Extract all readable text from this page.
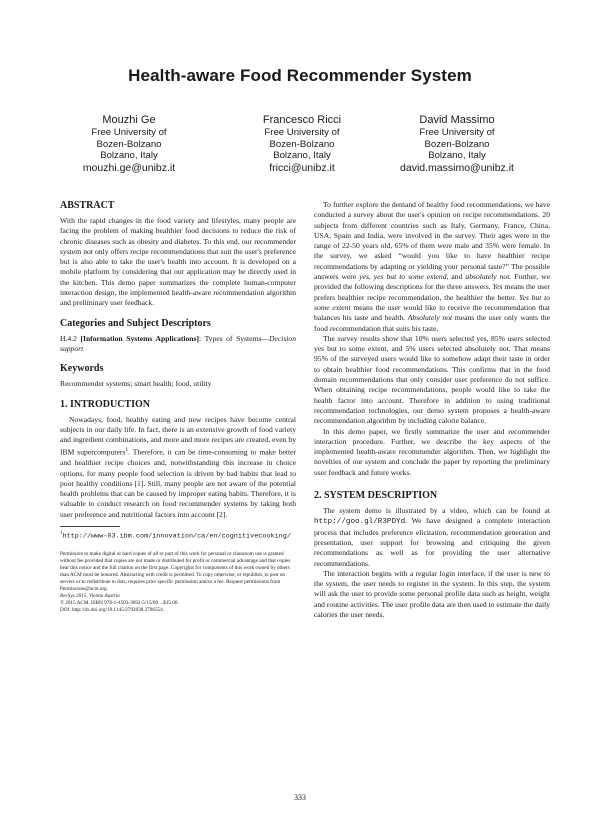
Health-aware Food Recommender System
Mouzhi Ge
Free University of
Bozen-Bolzano
Bolzano, Italy
mouzhi.ge@unibz.it
Francesco Ricci
Free University of
Bozen-Bolzano
Bolzano, Italy
fricci@unibz.it
David Massimo
Free University of
Bozen-Bolzano
Bolzano, Italy
david.massimo@unibz.it
ABSTRACT

With the rapid changes in the food variety and lifestyles, many people are facing the problem of making healthier food decisions to reduce the risk of chronic diseases such as obesity and diabetes. To this end, our recommender system not only offers recipe recommendations that suit the user's preference but is also able to take the user's health into account. It is developed on a mobile platform by considering that our application may be directly used in the kitchen. This demo paper summarizes the complete human-computer interaction design, the implemented health-aware recommendation algorithm and preliminary user feedback.

Categories and Subject Descriptors

H.4.2 [Information Systems Applications]: Types of Systems—Decision support

Keywords

Recommender systems; smart health; food, utility

1. INTRODUCTION

Nowadays, food, healthy eating and new recipes have become central subjects in our daily life. In fact, there is an extensive growth of food variety and ingredient combinations, and more and more recipes are created, even by IBM supercomputers$^1$. Therefore, it can be time-consuming to make better and healthier recipe choices and, notwithstanding this increase in choice options, for many people food selection is driven by bad habits that lead to poor healthy conditions [1]. Still, many people are not aware of the potential health problems that can be caused by improper eating habits. Therefore, it is valuable to conduct research on food recommender systems by taking both user preference and nutritional factors into account [2].

$^1$http://www-03.ibm.com/innovation/ca/en/cognitivecooking/
Permission to make digital or hard copies of all or part of this work for personal or classroom use is granted without fee provided that copies are not made or distributed for profit or commercial advantage and that copies bear this notice and the full citation on the first page. Copyrights for components of this work owned by others than ACM must be honored. Abstracting with credit is permitted. To copy otherwise, or republish, to post on servers or to redistribute to lists, requires prior specific permission and/or a fee. Request permissions from Permissions@acm.org.
RecSys 2015, Vienna Austria
© 2015 ACM. ISBN 978-1-4503-3692-5/15/09 ...$15.00.
DOI: http://dx.doi.org/10.1145/2792838.2796554.

To further explore the demand of healthy food recommendations, we have conducted a survey about the user's opinion on recipe recommendations. 20 subjects from different countries such as Italy, Germany, France, China, USA, Spain and India, were involved in the survey. Their ages were in the range of 22-50 years old, 65% of them were male and 35% were female. In the survey, we asked “would you like to have healthier recipe recommendations by adapting or yielding your personal taste?” The possible answers were yes, yes but to some extend, and absolutely not. Further, we provided the following descriptions for the three answers. Yes means the user prefers healthier recipe recommendation, the healthier the better. Yes but to some extent means the user would like to receive the recommendation that balances his taste and health. Absolutely not means the user only wants the food recommendation that suits his taste.

The survey results show that 10% users selected yes, 85% users selected yes but to some extent, and 5% users selected absolutely not. That means 95% of the surveyed users would like to somehow adapt their taste in order to obtain healthier food recommendations. This confirms that in the food domain recommendations that only consider user preference do not suffice. When obtaining recipe recommendations, people would like to take the health factor into account. Therefore in addition to using traditional recommendation technologies, our demo system proposes a health-aware recommendation algorithm by including calorie balance.

In this demo paper, we firstly summarize the user and recommender interaction procedure. Further, we describe the key aspects of the implemented health-aware recommender algorithm. Then, we highlight the novelties of our system and conclude the paper by reporting the preliminary user feedback and future works.

2. SYSTEM DESCRIPTION

The system demo is illustrated by a video, which can be found at http://goo.gl/R3PDYd. We have designed a complete interaction process that includes preference elicitation, recommendation generation and presentation, user support for browsing and critiquing the given recommendations as well as for providing the user alternative recommendations.

The interaction begins with a regular login interface, if the user is new to the system, the user needs to register in the system. In this step, the system will ask the user to provide some personal profile data such as height, weight and routine activities. The user profile data are then used to estimate the daily calories the user needs.

333
